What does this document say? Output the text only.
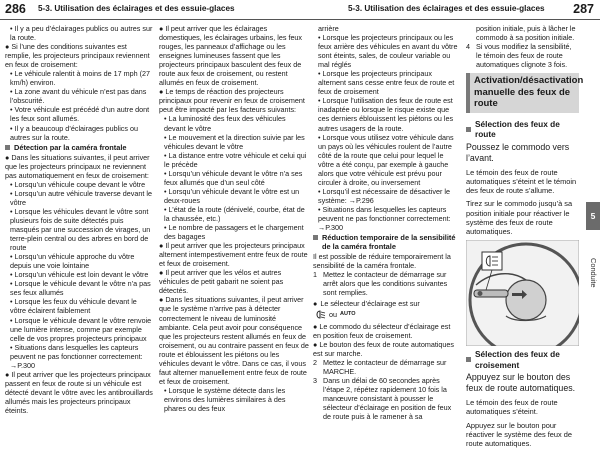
286 5-3. Utilisation des éclairages et des essuie-glaces	5-3. Utilisation des éclairages et des essuie-glaces 287
• Il y a peu d’éclairages publics ou autres sur la route.
● Si l’une des conditions suivantes est remplie, les projecteurs principaux reviennent en feux de croisement:
• Le véhicule ralentit à moins de 17 mph (27 km/h) environ.
• La zone avant du véhicule n’est pas dans l’obscurité.
• Votre véhicule est précédé d’un autre dont les feux sont allumés.
• Il y a beaucoup d’éclairages publics ou autres sur la route.
Détection par la caméra frontale
● Dans les situations suivantes, il peut arriver que les projecteurs principaux ne reviennent pas automatiquement en feux de croisement:
• Lorsqu’un véhicule coupe devant le vôtre
• Lorsqu’un autre véhicule traverse devant le vôtre
• Lorsque les véhicules devant le vôtre sont plusieurs fois de suite détectés puis masqués par une succession de virages, un terre-plein central ou des arbres en bord de route
• Lorsqu’un véhicule approche du vôtre depuis une voie lointaine
• Lorsqu’un véhicule est loin devant le vôtre
• Lorsque le véhicule devant le vôtre n’a pas ses feux allumés
• Lorsque les feux du véhicule devant le vôtre éclairent faiblement
• Lorsque le véhicule devant le vôtre renvoie une lumière intense, comme par exemple celle de vos propres projecteurs principaux
• Situations dans lesquelles les capteurs peuvent ne pas fonctionner correctement: →P.300
● Il peut arriver que les projecteurs principaux passent en feux de route si un véhicule est détecté devant le vôtre avec les antibrouillards allumés mais les projecteurs principaux éteints.
● Il peut arriver que les éclairages domestiques, les éclairages urbains, les feux rouges, les panneaux d’affichage ou les enseignes lumineuses fassent que les projecteurs principaux basculent des feux de route aux feux de croisement, ou restent allumés en feux de croisement.
● Le temps de réaction des projecteurs principaux pour revenir en feux de croisement peut être impacté par les facteurs suivants:
• La luminosité des feux des véhicules devant le vôtre
• Le mouvement et la direction suivie par les véhicules devant le vôtre
• La distance entre votre véhicule et celui qui le précède
• Lorsqu’un véhicule devant le vôtre n’a ses feux allumés que d’un seul côté
• Lorsqu’un véhicule devant le vôtre est un deux-roues
• L’état de la route (dénivelé, courbe, état de la chaussée, etc.)
• Le nombre de passagers et le chargement des bagages
● Il peut arriver que les projecteurs principaux alternent intempestivement entre feux de route et feux de croisement.
● Il peut arriver que les vélos et autres véhicules de petit gabarit ne soient pas détectés.
● Dans les situations suivantes, il peut arriver que le système n’arrive pas à détecter correctement le niveau de luminosité ambiante. Cela peut avoir pour conséquence que les projecteurs restent allumés en feux de croisement, ou au contraire passent en feux de route et éblouissent les piétons ou les véhicules devant le vôtre. Dans ce cas, il vous faut alterner manuellement entre feux de route et feux de croisement.
• Lorsque le système détecte dans les environs des lumières similaires à des phares ou des feux
arrière
• Lorsque les projecteurs principaux ou les feux arrière des véhicules en avant du vôtre sont éteints, sales, de couleur variable ou mal réglés
• Lorsque les projecteurs principaux alternent sans cesse entre feux de route et feux de croisement
• Lorsque l’utilisation des feux de route est inadaptée ou lorsque le risque existe que ces derniers éblouissent les piétons ou les autres usagers de la route.
• Lorsque vous utilisez votre véhicule dans un pays où les véhicules roulent de l’autre côté de la route que celui pour lequel le vôtre a été conçu, par exemple à gauche alors que votre véhicule est prévu pour circuler à droite, ou inversement
• Lorsqu’il est nécessaire de désactiver le système: →P.296
• Situations dans lesquelles les capteurs peuvent ne pas fonctionner correctement: →P.300
Réduction temporaire de la sensibilité de la caméra frontale
Il est possible de réduire temporairement la sensibilité de la caméra frontale.
1 Mettez le contacteur de démarrage sur arrêt alors que les conditions suivantes sont remplies.
● Le sélecteur d’éclairage est sur
ou AUTO
● Le commodo du sélecteur d’éclairage est en position feux de croisement.
● Le bouton des feux de route automatiques est sur marche.
2 Mettez le contacteur de démarrage sur MARCHE.
3 Dans un délai de 60 secondes après l’étape 2, répétez rapidement 10 fois la manœuvre consistant à pousser le sélecteur d’éclairage en position de feux de route puis à le ramener à sa
position initiale, puis à lâcher le commodo à sa position initiale.
4 Si vous modifiez la sensibilité, le témoin des feux de route automatiques clignote 3 fois.
Activation/désactivation
manuelle des feux de
route
Sélection des feux de route
Poussez le commodo vers l’avant.
Le témoin des feux de route automatiques s’éteint et le témoin des feux de route s’allume.
Tirez sur le commodo jusqu’à sa position initiale pour réactiver le système des feux de route automatiques.
Sélection des feux de croisement
Appuyez sur le bouton des feux de route automatiques.
Le témoin des feux de route automatiques s’éteint.
Appuyez sur le bouton pour réactiver le système des feux de route automatiques.
5
Conduite
